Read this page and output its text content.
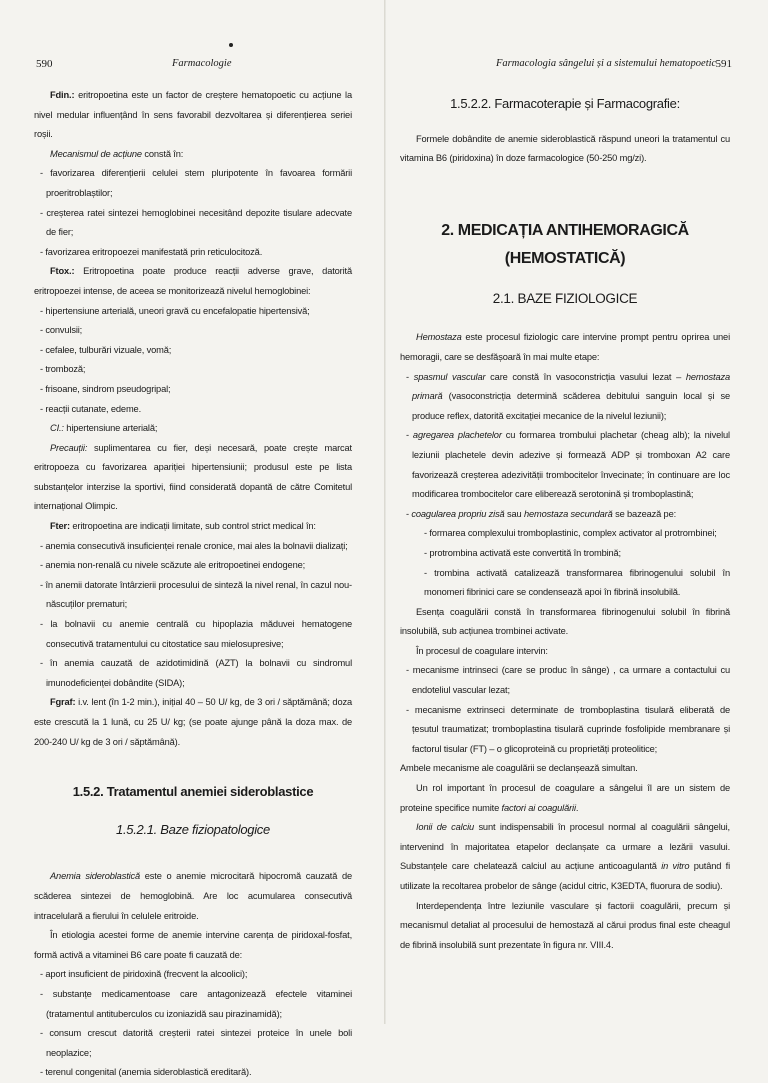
590	Farmacologie

Fdin.: eritropoetina este un factor de creștere hematopoetic cu acțiune la nivel medular influențând în sens favorabil dezvoltarea și diferențierea seriei roșii.

Mecanismul de acțiune constă în:

- favorizarea diferențierii celulei stem pluripotente în favoarea formării proeritroblaștilor;

- creșterea ratei sintezei hemoglobinei necesitând depozite tisulare adecvate de fier;

- favorizarea eritropoezei manifestată prin reticulocitoză.

Ftox.: Eritropoetina poate produce reacții adverse grave, datorită eritropoezei intense, de aceea se monitorizează nivelul hemoglobinei:

- hipertensiune arterială, uneori gravă cu encefalopatie hipertensivă;

- convulsii;

- cefalee, tulburări vizuale, vomă;

- tromboză;

- frisoane, sindrom pseudogripal;

- reacții cutanate, edeme.

CI.: hipertensiune arterială;

Precauții: suplimentarea cu fier, deși necesară, poate crește marcat eritropoeza cu favorizarea apariției hipertensiunii; produsul este pe lista substanțelor interzise la sportivi, fiind considerată dopantă de către Comitetul internațional Olimpic.

Fter: eritropoetina are indicații limitate, sub control strict medical în:

- anemia consecutivă insuficienței renale cronice, mai ales la bolnavii dializați;

- anemia non-renală cu nivele scăzute ale eritropoetinei endogene;

- în anemii datorate întârzierii procesului de sinteză la nivel renal, în cazul nou-născuților prematuri;

- la bolnavii cu anemie centrală cu hipoplazia măduvei hematogene consecutivă tratamentului cu citostatice sau mielosupresive;

- în anemia cauzată de azidotimidină (AZT) la bolnavii cu sindromul imunodeficienței dobândite (SIDA);

Fgraf: i.v. lent (în 1-2 min.), inițial 40 – 50 U/ kg, de 3 ori / săptămână; doza este crescută la 1 lună, cu 25 U/ kg; (se poate ajunge până la doza max. de 200-240 U/ kg de 3 ori / săptămână).

1.5.2. Tratamentul anemiei sideroblastice
1.5.2.1. Baze fiziopatologice

Anemia sideroblastică este o anemie microcitară hipocromă cauzată de scăderea sintezei de hemoglobină. Are loc acumularea consecutivă intracelulară a fierului în celulele eritroide.

În etiologia acestei forme de anemie intervine carența de piridoxal-fosfat, formă activă a vitaminei B6 care poate fi cauzată de:

- aport insuficient de piridoxină (frecvent la alcoolici);

- substanțe medicamentoase care antagonizează efectele vitaminei (tratamentul antituberculos cu izoniazidă sau pirazinamidă);

- consum crescut datorită creșterii ratei sintezei proteice în unele boli neoplazice;

- terenul congenital (anemia sideroblastică ereditară).

Farmacologia sângelui și a sistemului hematopoetic 591
1.5.2.2. Farmacoterapie și Farmacografie:

Formele dobândite de anemie sideroblastică răspund uneori la tratamentul cu vitamina B6 (piridoxina) în doze farmacologice (50-250 mg/zi).

2. MEDICAȚIA ANTIHEMORAGICĂ
(HEMOSTATICĂ)
2.1. BAZE FIZIOLOGICE

Hemostaza este procesul fiziologic care intervine prompt pentru oprirea unei hemoragii, care se desfășoară în mai multe etape:

- spasmul vascular care constă în vasoconstricția vasului lezat – hemostaza primară (vasoconstricția determină scăderea debitului sanguin local și se produce reflex, datorită excitației mecanice de la nivelul leziunii);

- agregarea plachetelor cu formarea trombului plachetar (cheag alb); la nivelul leziunii plachetele devin adezive și formează ADP și tromboxan A2 care favorizează creșterea adezivității trombocitelor învecinate; în continuare are loc modificarea trombocitelor care eliberează serotonină și tromboplastină;

- coagularea propriu zisă sau hemostaza secundară se bazează pe:

- formarea complexului tromboplastinic, complex activator al protrombinei;

- protrombina activată este convertită în trombină;

- trombina activată catalizează transformarea fibrinogenului solubil în monomeri fibrinici care se condensează apoi în fibrină insolubilă.

Esența coagulării constă în transformarea fibrinogenului solubil în fibrină insolubilă, sub acțiunea trombinei activate.

În procesul de coagulare intervin:

- mecanisme intrinseci (care se produc în sânge) , ca urmare a contactului cu endoteliul vascular lezat;

- mecanisme extrinseci determinate de tromboplastina tisulară eliberată de țesutul traumatizat; tromboplastina tisulară cuprinde fosfolipide membranare și factorul tisular (FT) – o glicoproteină cu proprietăți proteolitice;

Ambele mecanisme ale coagulării se declanșează simultan.

Un rol important în procesul de coagulare a sângelui îl are un sistem de proteine specifice numite factori ai coagulării.

Ionii de calciu sunt indispensabili în procesul normal al coagulării sângelui, intervenind în majoritatea etapelor declanșate ca urmare a lezării vasului. Substanțele care chelatează calciul au acțiune anticoagulantă in vitro putând fi utilizate la recoltarea probelor de sânge (acidul citric, K3EDTA, fluorura de sodiu).

Interdependența între leziunile vasculare și factorii coagulării, precum și mecanismul detaliat al procesului de hemostază al cărui produs final este cheagul de fibrină insolubilă sunt prezentate în figura nr. VIII.4.
